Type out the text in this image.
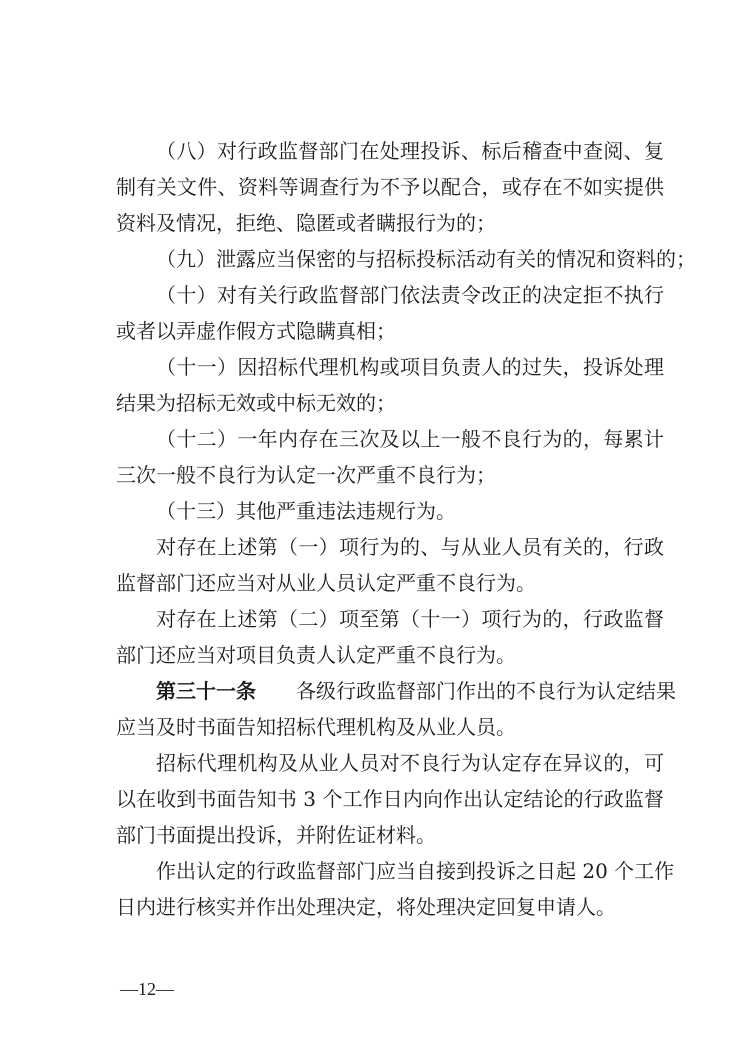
（八）对行政监督部门在处理投诉、标后稽查中查阅、复
制有关文件、资料等调查行为不予以配合，或存在不如实提供
资料及情况，拒绝、隐匿或者瞒报行为的；
（九）泄露应当保密的与招标投标活动有关的情况和资料的；
（十）对有关行政监督部门依法责令改正的决定拒不执行
或者以弄虚作假方式隐瞒真相；
（十一）因招标代理机构或项目负责人的过失，投诉处理
结果为招标无效或中标无效的；
（十二）一年内存在三次及以上一般不良行为的，每累计
三次一般不良行为认定一次严重不良行为；
（十三）其他严重违法违规行为。
对存在上述第（一）项行为的、与从业人员有关的，行政
监督部门还应当对从业人员认定严重不良行为。
对存在上述第（二）项至第（十一）项行为的，行政监督
部门还应当对项目负责人认定严重不良行为。
第三十一条 各级行政监督部门作出的不良行为认定结果
应当及时书面告知招标代理机构及从业人员。
招标代理机构及从业人员对不良行为认定存在异议的，可
以在收到书面告知书 3 个工作日内向作出认定结论的行政监督
部门书面提出投诉，并附佐证材料。
作出认定的行政监督部门应当自接到投诉之日起 20 个工作
日内进行核实并作出处理决定，将处理决定回复申请人。
—12—
